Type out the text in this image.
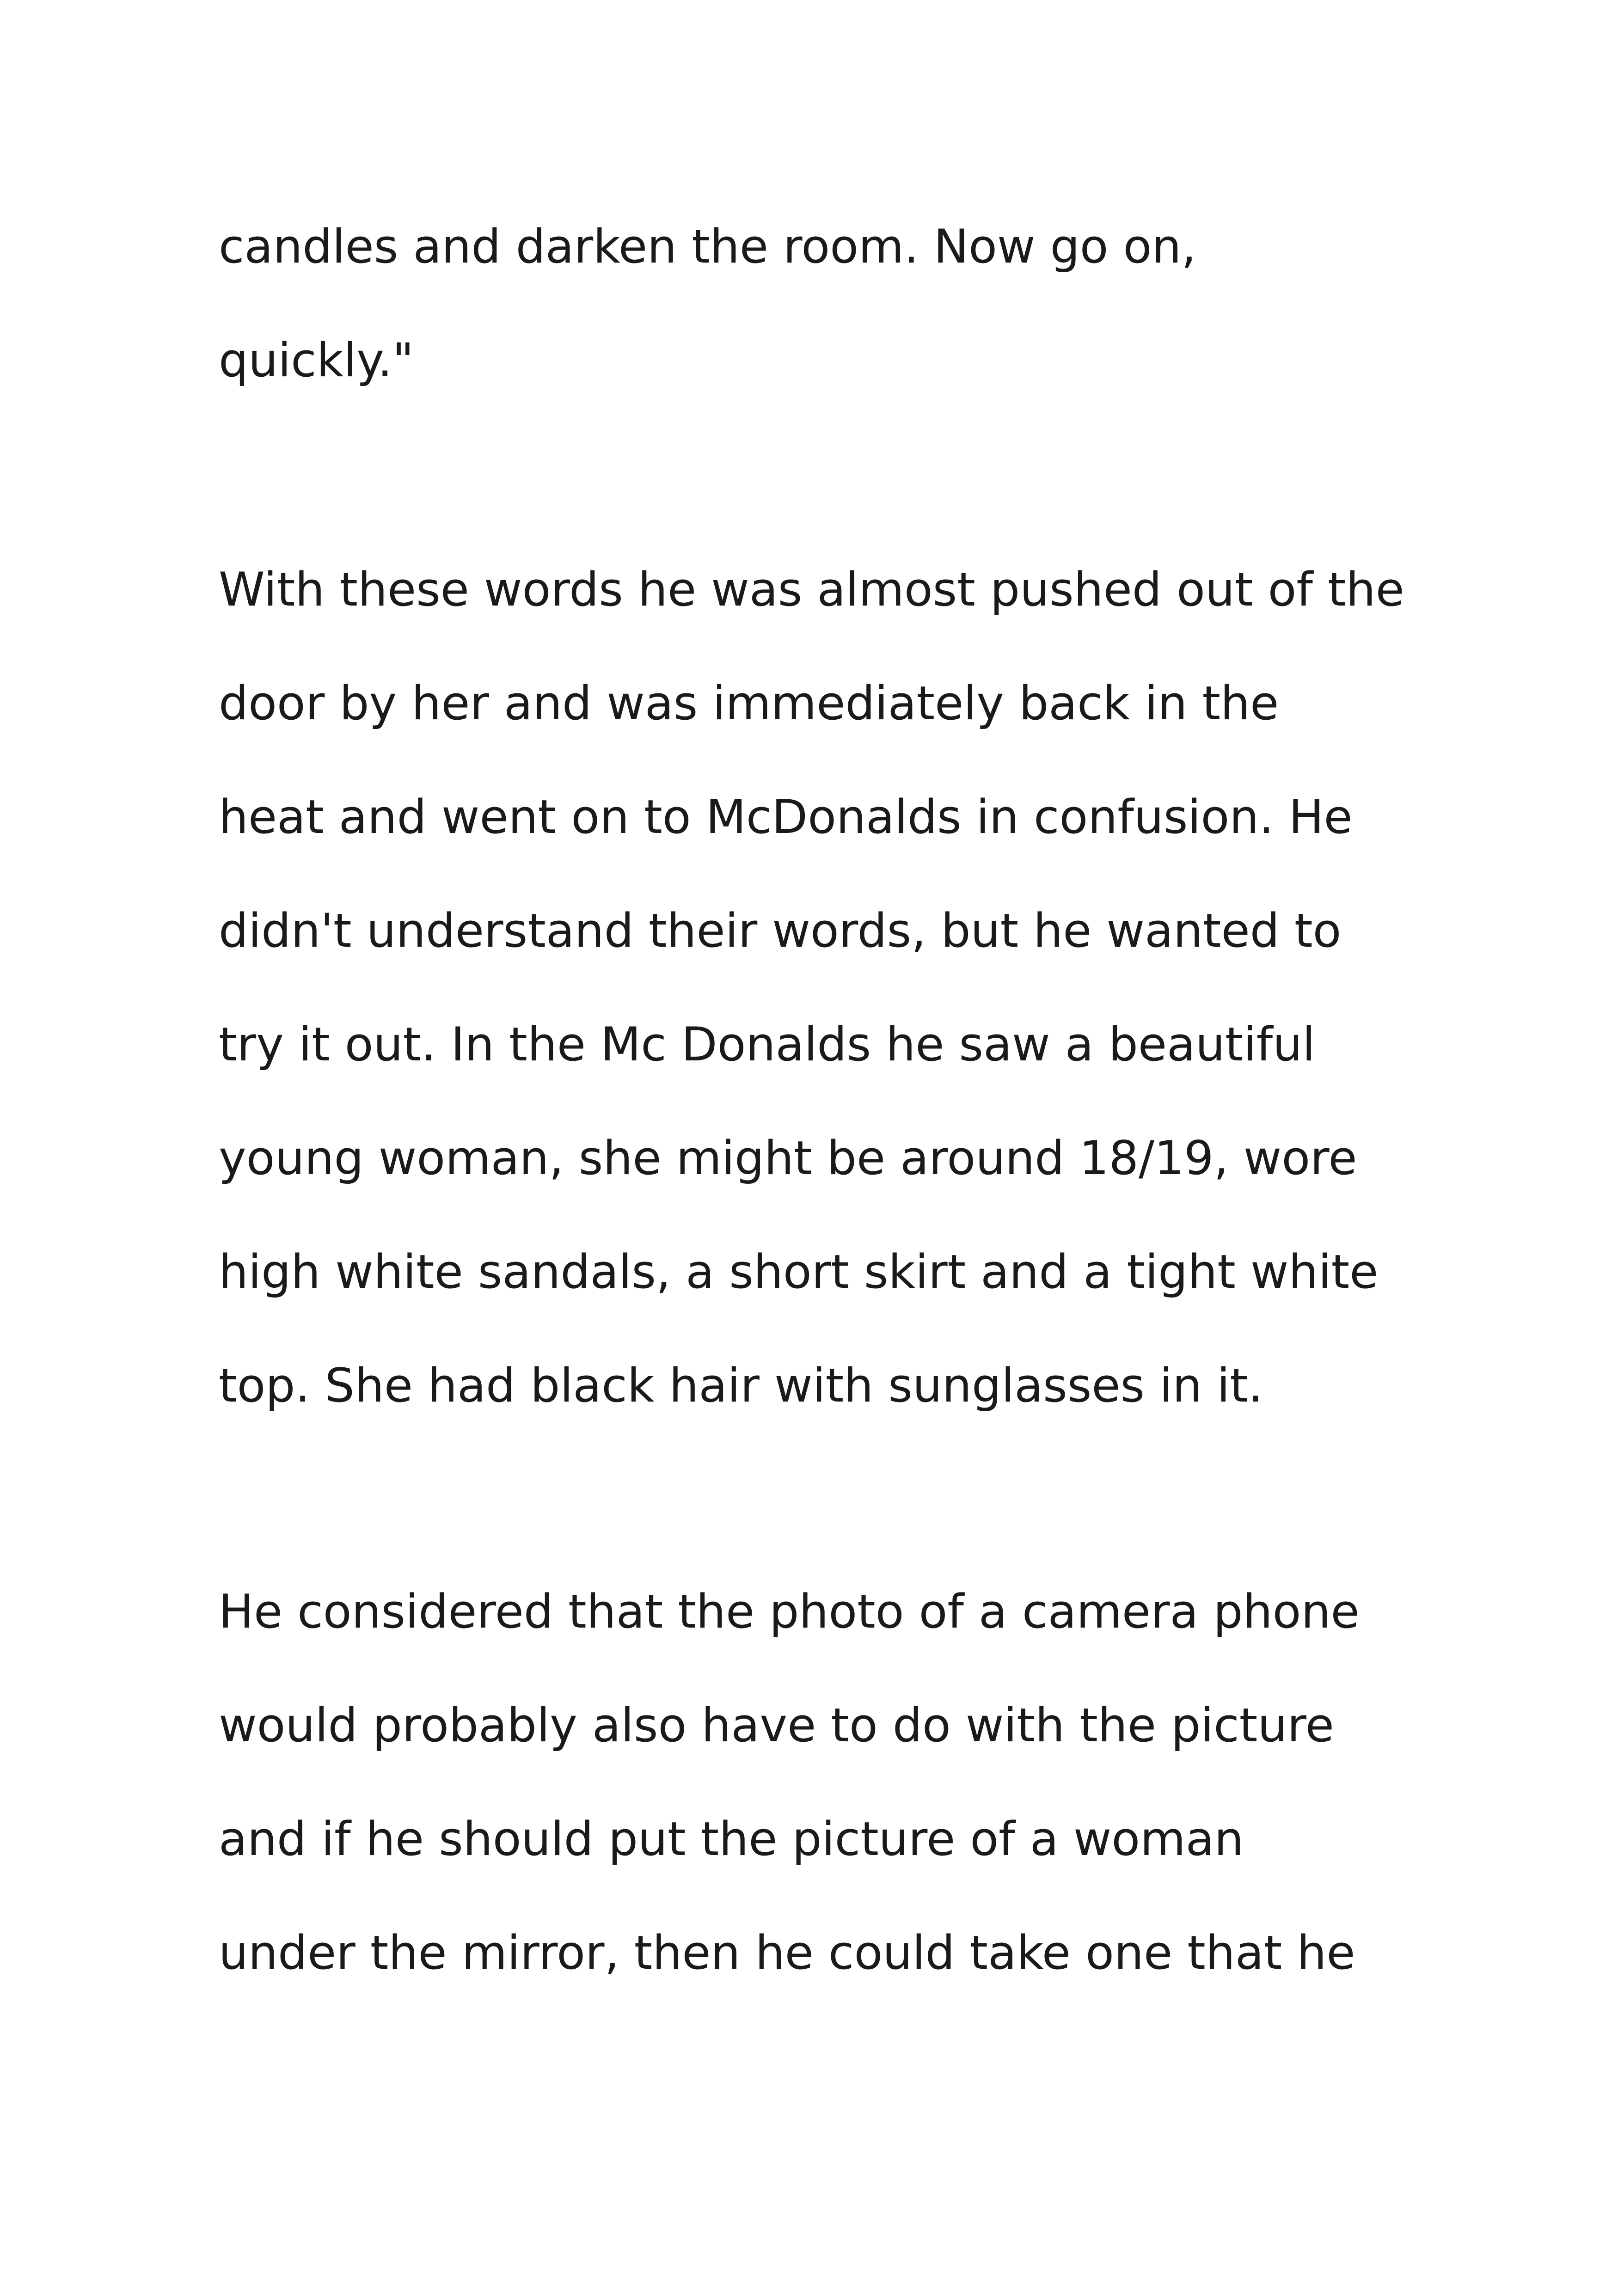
candles and darken the room. Now go on,

quickly."

With these words he was almost pushed out of the

door by her and was immediately back in the

heat and went on to McDonalds in confusion. He

didn't understand their words, but he wanted to

try it out. In the Mc Donalds he saw a beautiful

young woman, she might be around 18/19, wore

high white sandals, a short skirt and a tight white

top. She had black hair with sunglasses in it.

He considered that the photo of a camera phone

would probably also have to do with the picture

and if he should put the picture of a woman

under the mirror, then he could take one that he
